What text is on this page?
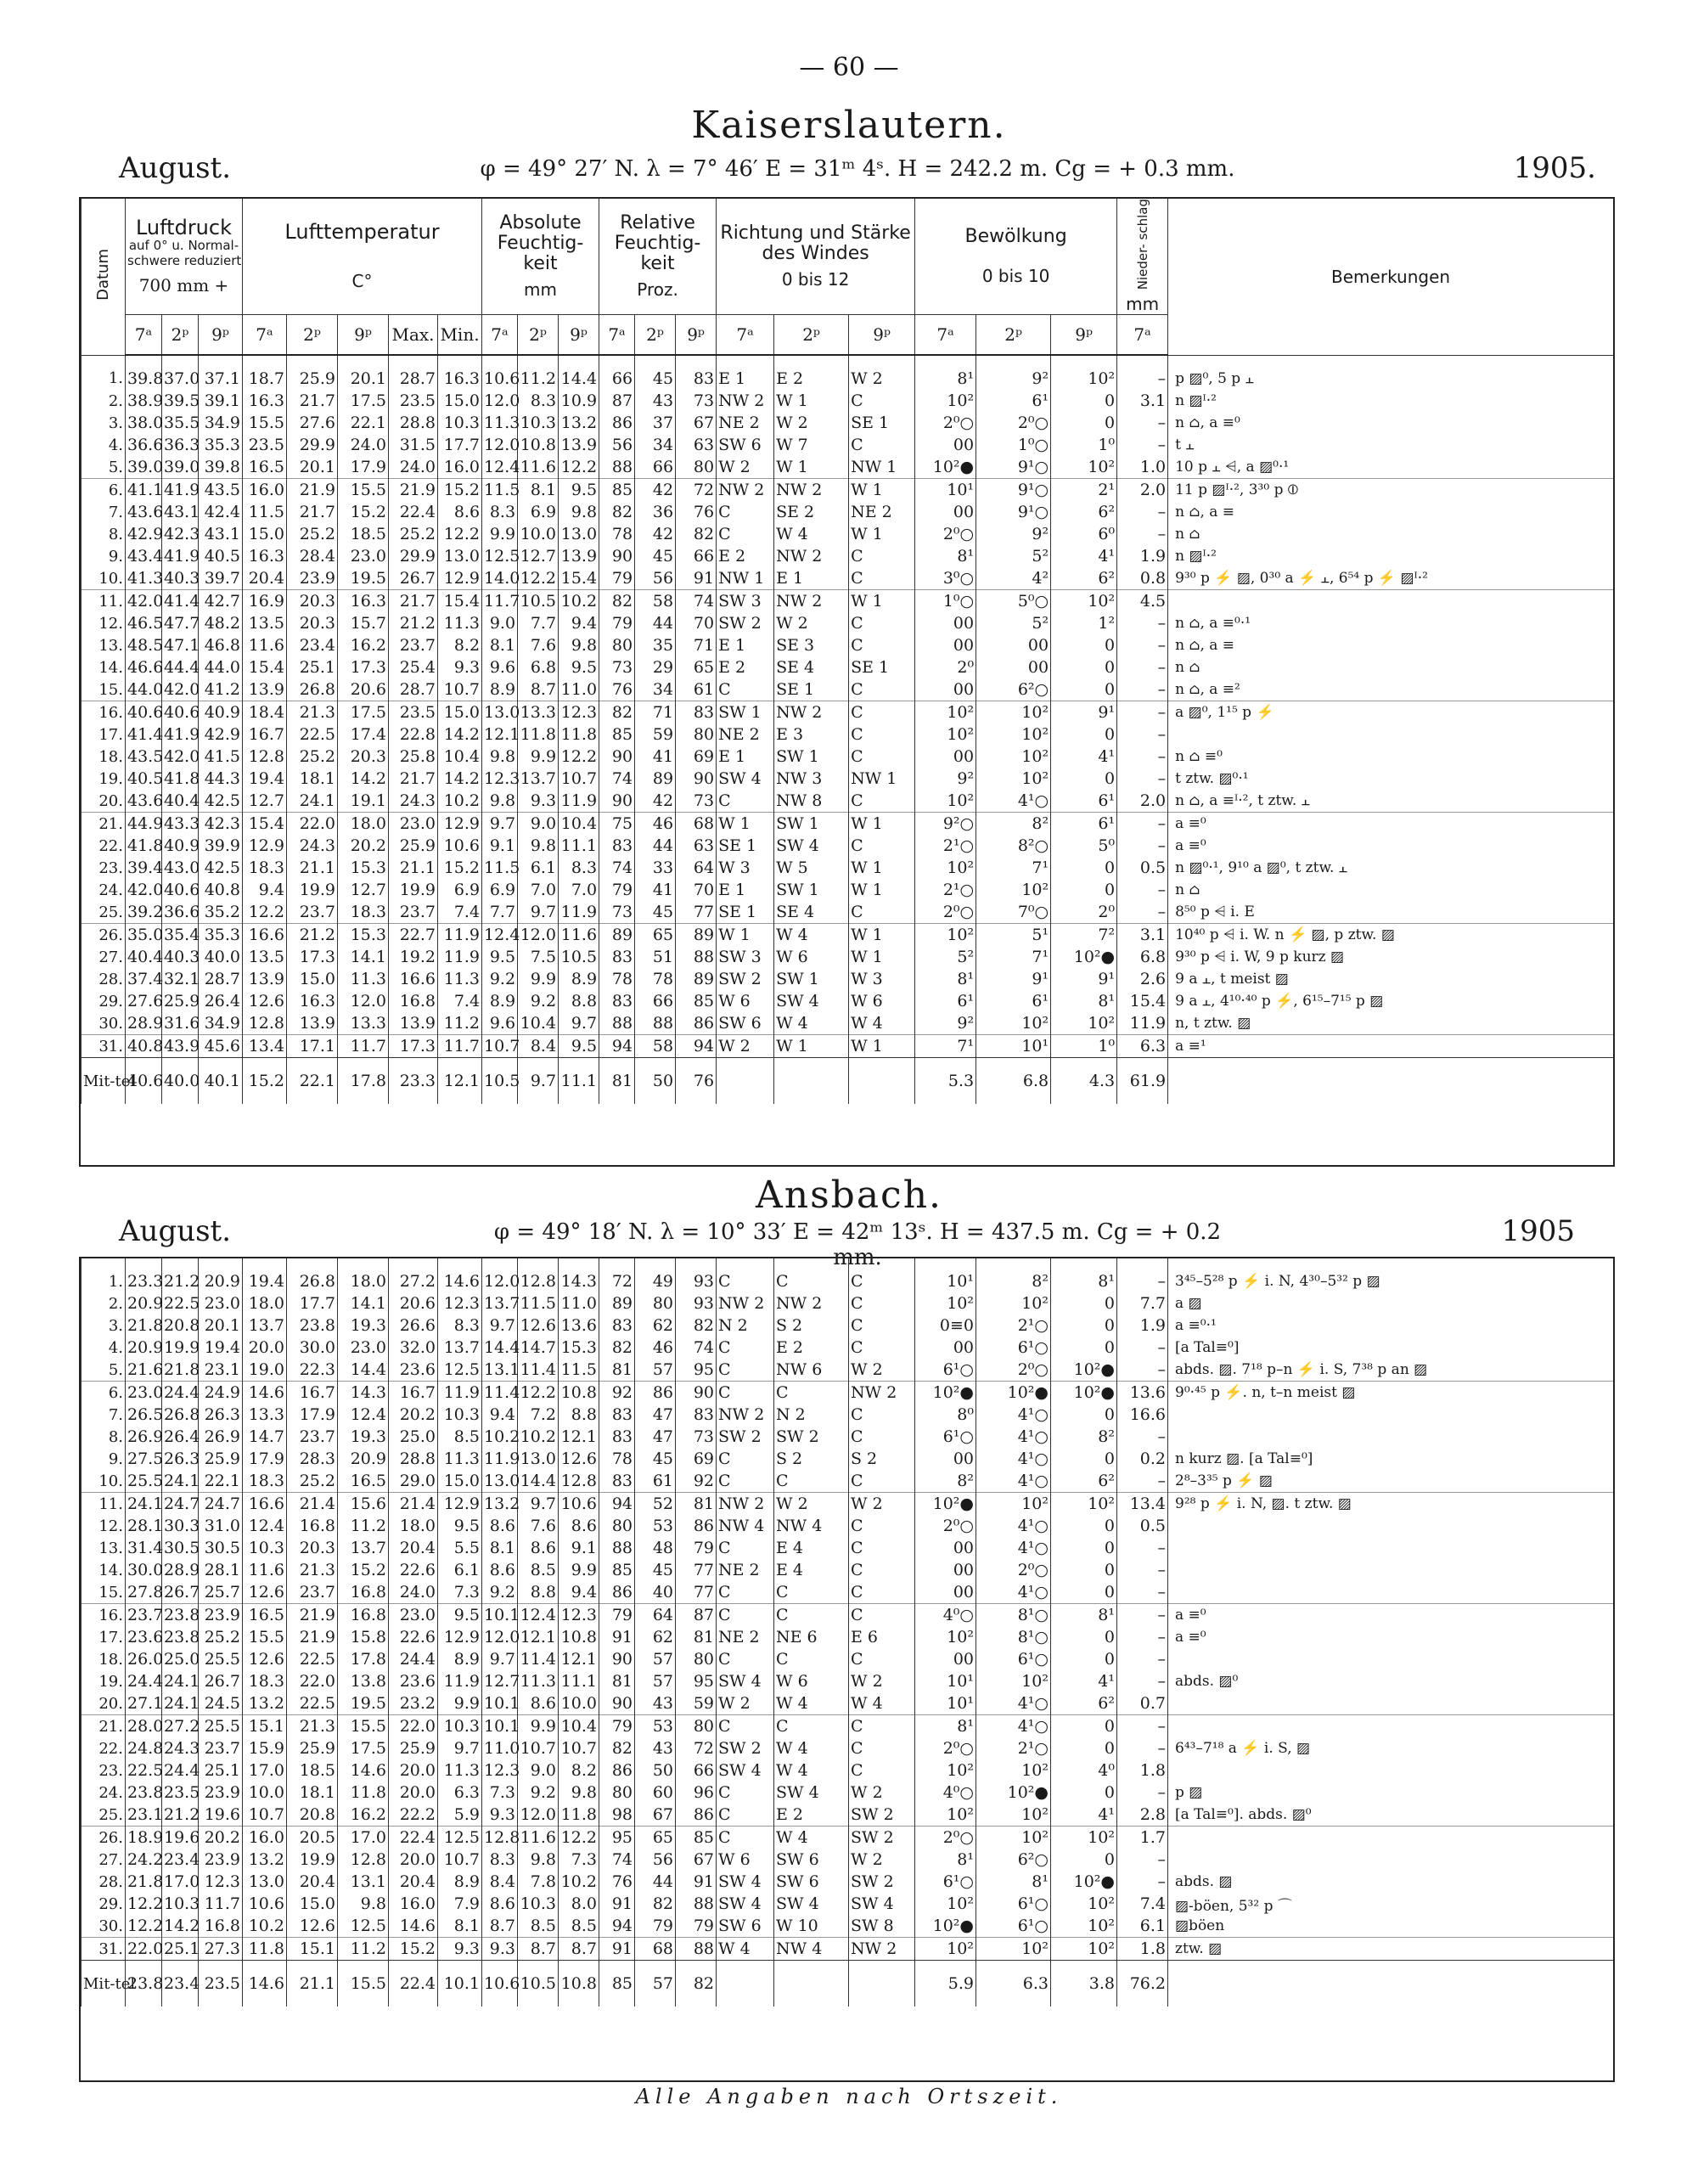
— 60 —
Kaiserslautern.
August.	φ = 49° 27′ N. λ = 7° 46′ E = 31ᵐ 4ˢ. H = 242.2 m. Cg = + 0.3 mm.	1905.
Datum	Luftdruck
auf 0° u. Normal-
schwere reduziert
700 mm +			Lufttemperatur
C°					Absolute Feuchtig- keit
mm			Relative Feuchtig- keit
Proz.			Richtung und Stärke des Windes
0 bis 12			Bewölkung
0 bis 10			Nieder- schlag
mm	Bemerkungen
	7ᵃ	2ᵖ	9ᵖ	7ᵃ	2ᵖ	9ᵖ	Max.	Min.	7ᵃ	2ᵖ	9ᵖ	7ᵃ	2ᵖ	9ᵖ	7ᵃ	2ᵖ	9ᵖ	7ᵃ	2ᵖ	9ᵖ	7ᵃ	
1.	39.8	37.0	37.1	18.7	25.9	20.1	28.7	16.3	10.6	11.2	14.4	66	45	83	E 1	E 2	W 2	8¹	9²	10²	–	p ▨⁰, 5 p ⫠
2.	38.9	39.5	39.1	16.3	21.7	17.5	23.5	15.0	12.0	8.3	10.9	87	43	73	NW 2	W 1	C	10²	6¹	0	3.1	n ▨ᴵ·²
3.	38.0	35.5	34.9	15.5	27.6	22.1	28.8	10.3	11.3	10.3	13.2	86	37	67	NE 2	W 2	SE 1	2⁰○	2⁰○	0	–	n ⌂, a ≡⁰
4.	36.6	36.3	35.3	23.5	29.9	24.0	31.5	17.7	12.0	10.8	13.9	56	34	63	SW 6	W 7	C	00	1⁰○	1⁰	–	t ⫠
5.	39.0	39.0	39.8	16.5	20.1	17.9	24.0	16.0	12.4	11.6	12.2	88	66	80	W 2	W 1	NW 1	10²●	9¹○	10²	1.0	10 p ⫠ ⩤, a ▨⁰·¹
6.	41.1	41.9	43.5	16.0	21.9	15.5	21.9	15.2	11.5	8.1	9.5	85	42	72	NW 2	NW 2	W 1	10¹	9¹○	2¹	2.0	11 p ▨ᴵ·², 3³⁰ p ⦶
7.	43.6	43.1	42.4	11.5	21.7	15.2	22.4	8.6	8.3	6.9	9.8	82	36	76	C	SE 2	NE 2	00	9¹○	6²	–	n ⌂, a ≡
8.	42.9	42.3	43.1	15.0	25.2	18.5	25.2	12.2	9.9	10.0	13.0	78	42	82	C	W 4	W 1	2⁰○	9²	6⁰	–	n ⌂
9.	43.4	41.9	40.5	16.3	28.4	23.0	29.9	13.0	12.5	12.7	13.9	90	45	66	E 2	NW 2	C	8¹	5²	4¹	1.9	n ▨ᴵ·²
10.	41.3	40.3	39.7	20.4	23.9	19.5	26.7	12.9	14.0	12.2	15.4	79	56	91	NW 1	E 1	C	3⁰○	4²	6²	0.8	9³⁰ p ⚡ ▨, 0³⁰ a ⚡ ⫠, 6⁵⁴ p ⚡ ▨ᴵ·²
11.	42.0	41.4	42.7	16.9	20.3	16.3	21.7	15.4	11.7	10.5	10.2	82	58	74	SW 3	NW 2	W 1	1⁰○	5⁰○	10²	4.5	
12.	46.5	47.7	48.2	13.5	20.3	15.7	21.2	11.3	9.0	7.7	9.4	79	44	70	SW 2	W 2	C	00	5²	1²	–	n ⌂, a ≡⁰·¹
13.	48.5	47.1	46.8	11.6	23.4	16.2	23.7	8.2	8.1	7.6	9.8	80	35	71	E 1	SE 3	C	00	00	0	–	n ⌂, a ≡
14.	46.6	44.4	44.0	15.4	25.1	17.3	25.4	9.3	9.6	6.8	9.5	73	29	65	E 2	SE 4	SE 1	2⁰	00	0	–	n ⌂
15.	44.0	42.0	41.2	13.9	26.8	20.6	28.7	10.7	8.9	8.7	11.0	76	34	61	C	SE 1	C	00	6²○	0	–	n ⌂, a ≡²
16.	40.6	40.6	40.9	18.4	21.3	17.5	23.5	15.0	13.0	13.3	12.3	82	71	83	SW 1	NW 2	C	10²	10²	9¹	–	a ▨⁰, 1¹⁵ p ⚡
17.	41.4	41.9	42.9	16.7	22.5	17.4	22.8	14.2	12.1	11.8	11.8	85	59	80	NE 2	E 3	C	10²	10²	0	–	
18.	43.5	42.0	41.5	12.8	25.2	20.3	25.8	10.4	9.8	9.9	12.2	90	41	69	E 1	SW 1	C	00	10²	4¹	–	n ⌂ ≡⁰
19.	40.5	41.8	44.3	19.4	18.1	14.2	21.7	14.2	12.3	13.7	10.7	74	89	90	SW 4	NW 3	NW 1	9²	10²	0	–	t ztw. ▨⁰·¹
20.	43.6	40.4	42.5	12.7	24.1	19.1	24.3	10.2	9.8	9.3	11.9	90	42	73	C	NW 8	C	10²	4¹○	6¹	2.0	n ⌂, a ≡ᴵ·², t ztw. ⫠
21.	44.9	43.3	42.3	15.4	22.0	18.0	23.0	12.9	9.7	9.0	10.4	75	46	68	W 1	SW 1	W 1	9²○	8²	6¹	–	a ≡⁰
22.	41.8	40.9	39.9	12.9	24.3	20.2	25.9	10.6	9.1	9.8	11.1	83	44	63	SE 1	SW 4	C	2¹○	8²○	5⁰	–	a ≡⁰
23.	39.4	43.0	42.5	18.3	21.1	15.3	21.1	15.2	11.5	6.1	8.3	74	33	64	W 3	W 5	W 1	10²	7¹	0	0.5	n ▨⁰·¹, 9¹⁰ a ▨⁰, t ztw. ⫠
24.	42.0	40.6	40.8	9.4	19.9	12.7	19.9	6.9	6.9	7.0	7.0	79	41	70	E 1	SW 1	W 1	2¹○	10²	0	–	n ⌂
25.	39.2	36.6	35.2	12.2	23.7	18.3	23.7	7.4	7.7	9.7	11.9	73	45	77	SE 1	SE 4	C	2⁰○	7⁰○	2⁰	–	8⁵⁰ p ⩤ i. E
26.	35.0	35.4	35.3	16.6	21.2	15.3	22.7	11.9	12.4	12.0	11.6	89	65	89	W 1	W 4	W 1	10²	5¹	7²	3.1	10⁴⁰ p ⩤ i. W. n ⚡ ▨, p ztw. ▨
27.	40.4	40.3	40.0	13.5	17.3	14.1	19.2	11.9	9.5	7.5	10.5	83	51	88	SW 3	W 6	W 1	5²	7¹	10²●	6.8	9³⁰ p ⩤ i. W, 9 p kurz ▨
28.	37.4	32.1	28.7	13.9	15.0	11.3	16.6	11.3	9.2	9.9	8.9	78	78	89	SW 2	SW 1	W 3	8¹	9¹	9¹	2.6	9 a ⫠, t meist ▨
29.	27.6	25.9	26.4	12.6	16.3	12.0	16.8	7.4	8.9	9.2	8.8	83	66	85	W 6	SW 4	W 6	6¹	6¹	8¹	15.4	9 a ⫠, 4¹⁰·⁴⁰ p ⚡, 6¹⁵–7¹⁵ p ▨
30.	28.9	31.6	34.9	12.8	13.9	13.3	13.9	11.2	9.6	10.4	9.7	88	88	86	SW 6	W 4	W 4	9²	10²	10²	11.9	n, t ztw. ▨
31.	40.8	43.9	45.6	13.4	17.1	11.7	17.3	11.7	10.7	8.4	9.5	94	58	94	W 2	W 1	W 1	7¹	10¹	1⁰	6.3	a ≡¹
Mit-tel	40.6	40.0	40.1	15.2	22.1	17.8	23.3	12.1	10.5	9.7	11.1	81	50	76				5.3	6.8	4.3	61.9	
Ansbach.
August.	φ = 49° 18′ N. λ = 10° 33′ E = 42ᵐ 13ˢ. H = 437.5 m. Cg = + 0.2 mm.
1905
1.	23.3	21.2	20.9	19.4	26.8	18.0	27.2	14.6	12.0	12.8	14.3	72	49	93	C	C	C	10¹	8²	8¹	–	3⁴⁵–5²⁸ p ⚡ i. N, 4³⁰–5³² p ▨
2.	20.9	22.5	23.0	18.0	17.7	14.1	20.6	12.3	13.7	11.5	11.0	89	80	93	NW 2	NW 2	C	10²	10²	0	7.7	a ▨
3.	21.8	20.8	20.1	13.7	23.8	19.3	26.6	8.3	9.7	12.6	13.6	83	62	82	N 2	S 2	C	0≡0	2¹○	0	1.9	a ≡⁰·¹
4.	20.9	19.9	19.4	20.0	30.0	23.0	32.0	13.7	14.4	14.7	15.3	82	46	74	C	E 2	C	00	6¹○	0	–	[a Tal≡⁰]
5.	21.6	21.8	23.1	19.0	22.3	14.4	23.6	12.5	13.1	11.4	11.5	81	57	95	C	NW 6	W 2	6¹○	2⁰○	10²●	–	abds. ▨. 7¹⁸ p–n ⚡ i. S, 7³⁸ p an ▨
6.	23.0	24.4	24.9	14.6	16.7	14.3	16.7	11.9	11.4	12.2	10.8	92	86	90	C	C	NW 2	10²●	10²●	10²●	13.6	9⁰·⁴⁵ p ⚡. n, t–n meist ▨
7.	26.5	26.8	26.3	13.3	17.9	12.4	20.2	10.3	9.4	7.2	8.8	83	47	83	NW 2	N 2	C	8⁰	4¹○	0	16.6	
8.	26.9	26.4	26.9	14.7	23.7	19.3	25.0	8.5	10.2	10.2	12.1	83	47	73	SW 2	SW 2	C	6¹○	4¹○	8²	–	
9.	27.5	26.3	25.9	17.9	28.3	20.9	28.8	11.3	11.9	13.0	12.6	78	45	69	C	S 2	S 2	00	4¹○	0	0.2	n kurz ▨. [a Tal≡⁰]
10.	25.5	24.1	22.1	18.3	25.2	16.5	29.0	15.0	13.0	14.4	12.8	83	61	92	C	C	C	8²	4¹○	6²	–	2⁸–3³⁵ p ⚡ ▨
11.	24.1	24.7	24.7	16.6	21.4	15.6	21.4	12.9	13.2	9.7	10.6	94	52	81	NW 2	W 2	W 2	10²●	10²	10²	13.4	9²⁸ p ⚡ i. N, ▨. t ztw. ▨
12.	28.1	30.3	31.0	12.4	16.8	11.2	18.0	9.5	8.6	7.6	8.6	80	53	86	NW 4	NW 4	C	2⁰○	4¹○	0	0.5	
13.	31.4	30.5	30.5	10.3	20.3	13.7	20.4	5.5	8.1	8.6	9.1	88	48	79	C	E 4	C	00	4¹○	0	–	
14.	30.0	28.9	28.1	11.6	21.3	15.2	22.6	6.1	8.6	8.5	9.9	85	45	77	NE 2	E 4	C	00	2⁰○	0	–	
15.	27.8	26.7	25.7	12.6	23.7	16.8	24.0	7.3	9.2	8.8	9.4	86	40	77	C	C	C	00	4¹○	0	–	
16.	23.7	23.8	23.9	16.5	21.9	16.8	23.0	9.5	10.1	12.4	12.3	79	64	87	C	C	C	4⁰○	8¹○	8¹	–	a ≡⁰
17.	23.6	23.8	25.2	15.5	21.9	15.8	22.6	12.9	12.0	12.1	10.8	91	62	81	NE 2	NE 6	E 6	10²	8¹○	0	–	a ≡⁰
18.	26.0	25.0	25.5	12.6	22.5	17.8	24.4	8.9	9.7	11.4	12.1	90	57	80	C	C	C	00	6¹○	0	–	
19.	24.4	24.1	26.7	18.3	22.0	13.8	23.6	11.9	12.7	11.3	11.1	81	57	95	SW 4	W 6	W 2	10¹	10²	4¹	–	abds. ▨⁰
20.	27.1	24.1	24.5	13.2	22.5	19.5	23.2	9.9	10.1	8.6	10.0	90	43	59	W 2	W 4	W 4	10¹	4¹○	6²	0.7	
21.	28.0	27.2	25.5	15.1	21.3	15.5	22.0	10.3	10.1	9.9	10.4	79	53	80	C	C	C	8¹	4¹○	0	–	
22.	24.8	24.3	23.7	15.9	25.9	17.5	25.9	9.7	11.0	10.7	10.7	82	43	72	SW 2	W 4	C	2⁰○	2¹○	0	–	6⁴³–7¹⁸ a ⚡ i. S, ▨
23.	22.5	24.4	25.1	17.0	18.5	14.6	20.0	11.3	12.3	9.0	8.2	86	50	66	SW 4	W 4	C	10²	10²	4⁰	1.8	
24.	23.8	23.5	23.9	10.0	18.1	11.8	20.0	6.3	7.3	9.2	9.8	80	60	96	C	SW 4	W 2	4⁰○	10²●	0	–	p ▨
25.	23.1	21.2	19.6	10.7	20.8	16.2	22.2	5.9	9.3	12.0	11.8	98	67	86	C	E 2	SW 2	10²	10²	4¹	2.8	[a Tal≡⁰]. abds. ▨⁰
26.	18.9	19.6	20.2	16.0	20.5	17.0	22.4	12.5	12.8	11.6	12.2	95	65	85	C	W 4	SW 2	2⁰○	10²	10²	1.7	
27.	24.2	23.4	23.9	13.2	19.9	12.8	20.0	10.7	8.3	9.8	7.3	74	56	67	W 6	SW 6	W 2	8¹	6²○	0	–	
28.	21.8	17.0	12.3	13.0	20.4	13.1	20.4	8.9	8.4	7.8	10.2	76	44	91	SW 4	SW 6	SW 2	6¹○	8¹	10²●	–	abds. ▨
29.	12.2	10.3	11.7	10.6	15.0	9.8	16.0	7.9	8.6	10.3	8.0	91	82	88	SW 4	SW 4	SW 4	10²	6¹○	10²	7.4	▨-böen, 5³² p ⌒
30.	12.2	14.2	16.8	10.2	12.6	12.5	14.6	8.1	8.7	8.5	8.5	94	79	79	SW 6	W 10	SW 8	10²●	6¹○	10²	6.1	▨böen
31.	22.0	25.1	27.3	11.8	15.1	11.2	15.2	9.3	9.3	8.7	8.7	91	68	88	W 4	NW 4	NW 2	10²	10²	10²	1.8	ztw. ▨
Mit-tel	23.8	23.4	23.5	14.6	21.1	15.5	22.4	10.1	10.6	10.5	10.8	85	57	82				5.9	6.3	3.8	76.2	
Alle Angaben nach Ortszeit.
